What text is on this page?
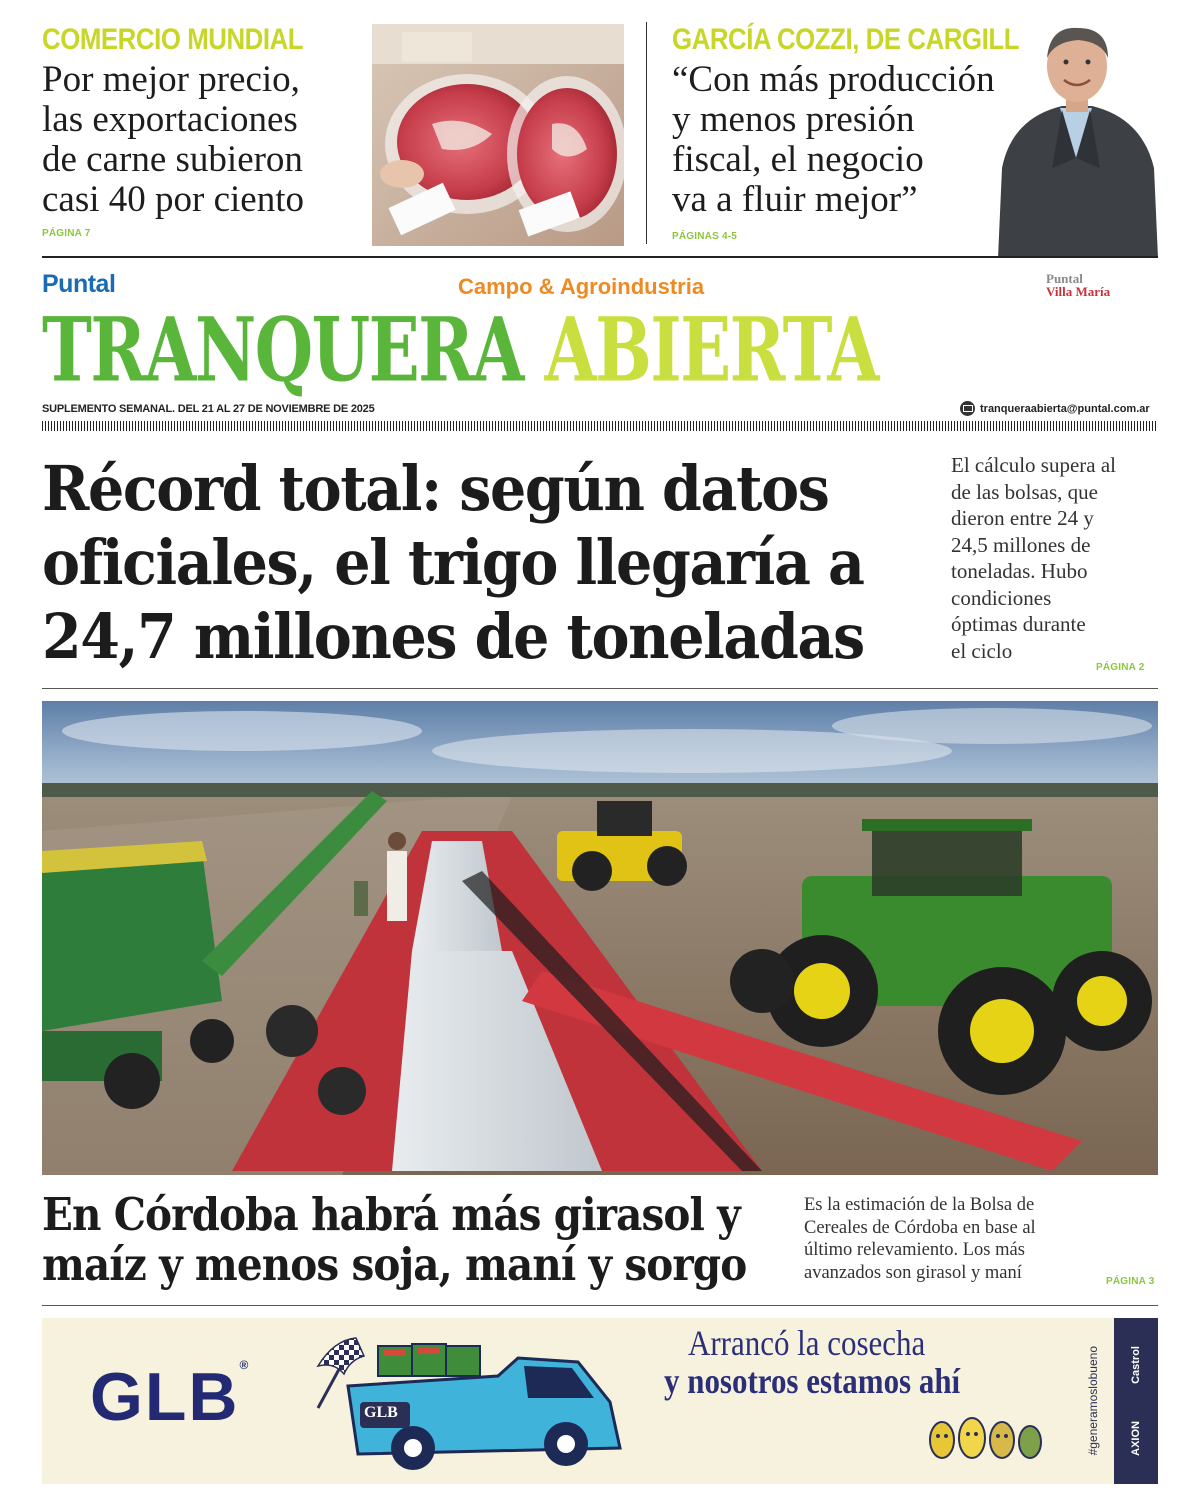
COMERCIO MUNDIAL
Por mejor precio,
las exportaciones
de carne subieron
casi 40 por ciento
PÁGINA 7
GARCÍA COZZI, DE CARGILL
“Con más producción
y menos presión
fiscal, el negocio
va a fluir mejor”
PÁGINAS 4-5
Puntal	Campo & Agroindustria	Puntal
Villa María
TRANQUERA ABIERTA
SUPLEMENTO SEMANAL. DEL 21 AL 27 DE NOVIEMBRE DE 2025	tranqueraabierta@puntal.com.ar
Récord total: según datos
oficiales, el trigo llegaría a
24,7 millones de toneladas
El cálculo supera al
de las bolsas, que
dieron entre 24 y
24,5 millones de
toneladas. Hubo
condiciones
óptimas durante
el ciclo
PÁGINA 2
En Córdoba habrá más girasol y
maíz y menos soja, maní y sorgo
Es la estimación de la Bolsa de
Cereales de Córdoba en base al
último relevamiento. Los más
avanzados son girasol y maní	PÁGINA 3
GLB®
GLB
Arrancó la cosecha
y nosotros estamos ahí	#generamoslobueno	AXION
Castrol
